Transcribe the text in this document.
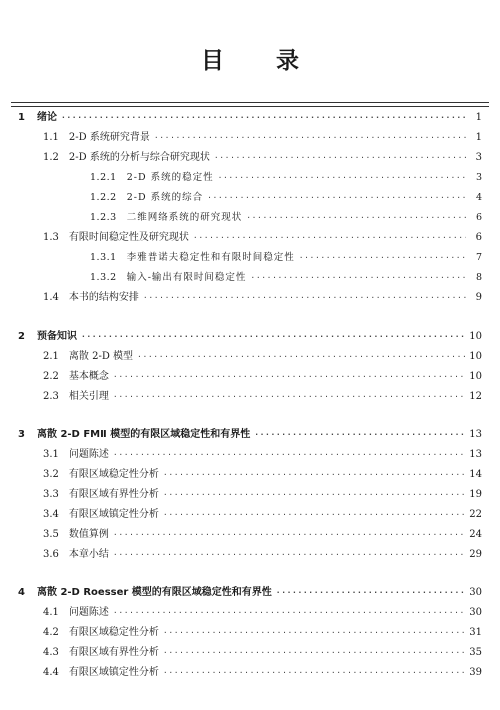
目 录
1	绪论 ·····	1
1.1	2-D 系统研究背景 ·····	1
1.2	2-D 系统的分析与综合研究现状 ·····	3
1.2.1	2-D 系统的稳定性 ·····	3
1.2.2	2-D 系统的综合 ·····	4
1.2.3	二维网络系统的研究现状 ·····	6
1.3	有限时间稳定性及研究现状 ·····	6
1.3.1	李雅普诺夫稳定性和有限时间稳定性 ·····	7
1.3.2	输入-输出有限时间稳定性 ·····	8
1.4	本书的结构安排 ·····	9
2	预备知识 ·····	10
2.1	离散 2-D 模型 ·····	10
2.2	基本概念 ·····	10
2.3	相关引理 ·····	12
3	离散 2-D FMⅡ 模型的有限区域稳定性和有界性 ·····	13
3.1	问题陈述 ·····	13
3.2	有限区域稳定性分析 ·····	14
3.3	有限区域有界性分析 ·····	19
3.4	有限区域镇定性分析 ·····	22
3.5	数值算例 ·····	24
3.6	本章小结 ·····	29
4	离散 2-D Roesser 模型的有限区域稳定性和有界性 ·····	30
4.1	问题陈述 ·····	30
4.2	有限区域稳定性分析 ·····	31
4.3	有限区域有界性分析 ·····	35
4.4	有限区域镇定性分析 ·····	39
